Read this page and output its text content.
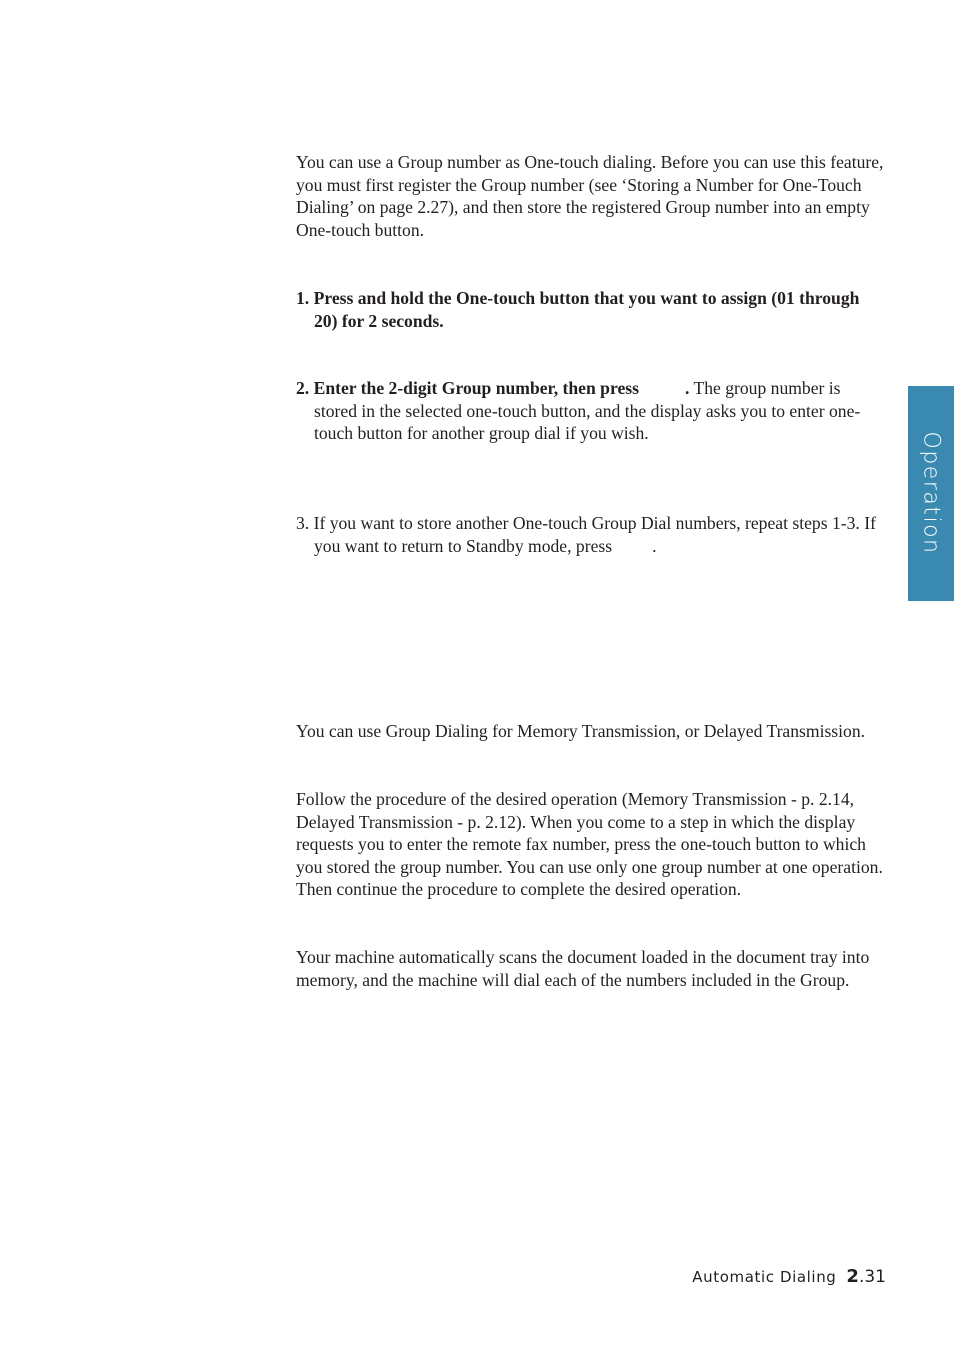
You can use a Group number as One-touch dialing. Before you can use this feature, you must first register the Group number (see ‘Storing a Number for One-Touch Dialing’ on page 2.27), and then store the registered Group number into an empty One-touch button.

1. Press and hold the One-touch button that you want to assign (01 through 20) for 2 seconds.

2. Enter the 2-digit Group number, then press	. The group number is stored in the selected one-touch button, and the display asks you to enter one-touch button for another group dial if you wish.

3. If you want to store another One-touch Group Dial numbers, repeat steps 1-3. If you want to return to Standby mode, press .

You can use Group Dialing for Memory Transmission, or Delayed Transmission.

Follow the procedure of the desired operation (Memory Transmission - p. 2.14, Delayed Transmission - p. 2.12). When you come to a step in which the display requests you to enter the remote fax number, press the one-touch button to which you stored the group number. You can use only one group number at one operation. Then continue the procedure to complete the desired operation.

Your machine automatically scans the document loaded in the document tray into memory, and the machine will dial each of the numbers included in the Group.

Operation
Automatic Dialing 2.31
